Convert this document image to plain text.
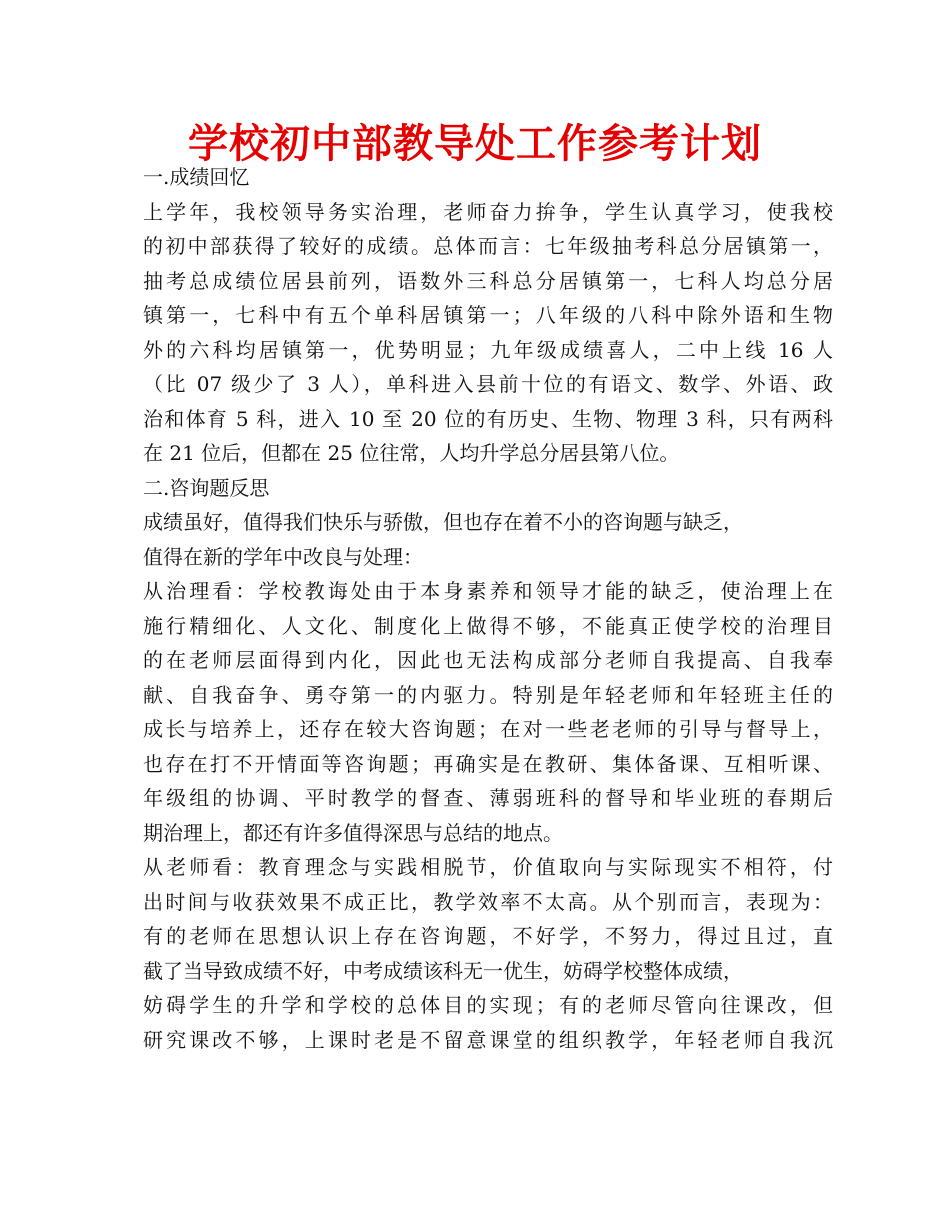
学校初中部教导处工作参考计划
一.成绩回忆
上学年，我校领导务实治理，老师奋力拚争，学生认真学习，使我校
的初中部获得了较好的成绩。总体而言：七年级抽考科总分居镇第一，
抽考总成绩位居县前列，语数外三科总分居镇第一，七科人均总分居
镇第一，七科中有五个单科居镇第一；八年级的八科中除外语和生物
外的六科均居镇第一，优势明显；九年级成绩喜人，二中上线 16 人
（比 07 级少了 3 人），单科进入县前十位的有语文、数学、外语、政
治和体育 5 科，进入 10 至 20 位的有历史、生物、物理 3 科，只有两科
在 21 位后，但都在 25 位往常，人均升学总分居县第八位。
二.咨询题反思
成绩虽好，值得我们快乐与骄傲，但也存在着不小的咨询题与缺乏，
值得在新的学年中改良与处理：
从治理看：学校教诲处由于本身素养和领导才能的缺乏，使治理上在
施行精细化、人文化、制度化上做得不够，不能真正使学校的治理目
的在老师层面得到内化，因此也无法构成部分老师自我提高、自我奉
献、自我奋争、勇夺第一的内驱力。特别是年轻老师和年轻班主任的
成长与培养上，还存在较大咨询题；在对一些老老师的引导与督导上，
也存在打不开情面等咨询题；再确实是在教研、集体备课、互相听课、
年级组的协调、平时教学的督查、薄弱班科的督导和毕业班的春期后
期治理上，都还有许多值得深思与总结的地点。
从老师看：教育理念与实践相脱节，价值取向与实际现实不相符，付
出时间与收获效果不成正比，教学效率不太高。从个别而言，表现为：
有的老师在思想认识上存在咨询题，不好学，不努力，得过且过，直
截了当导致成绩不好，中考成绩该科无一优生，妨碍学校整体成绩，
妨碍学生的升学和学校的总体目的实现；有的老师尽管向往课改，但
研究课改不够，上课时老是不留意课堂的组织教学，年轻老师自我沉
